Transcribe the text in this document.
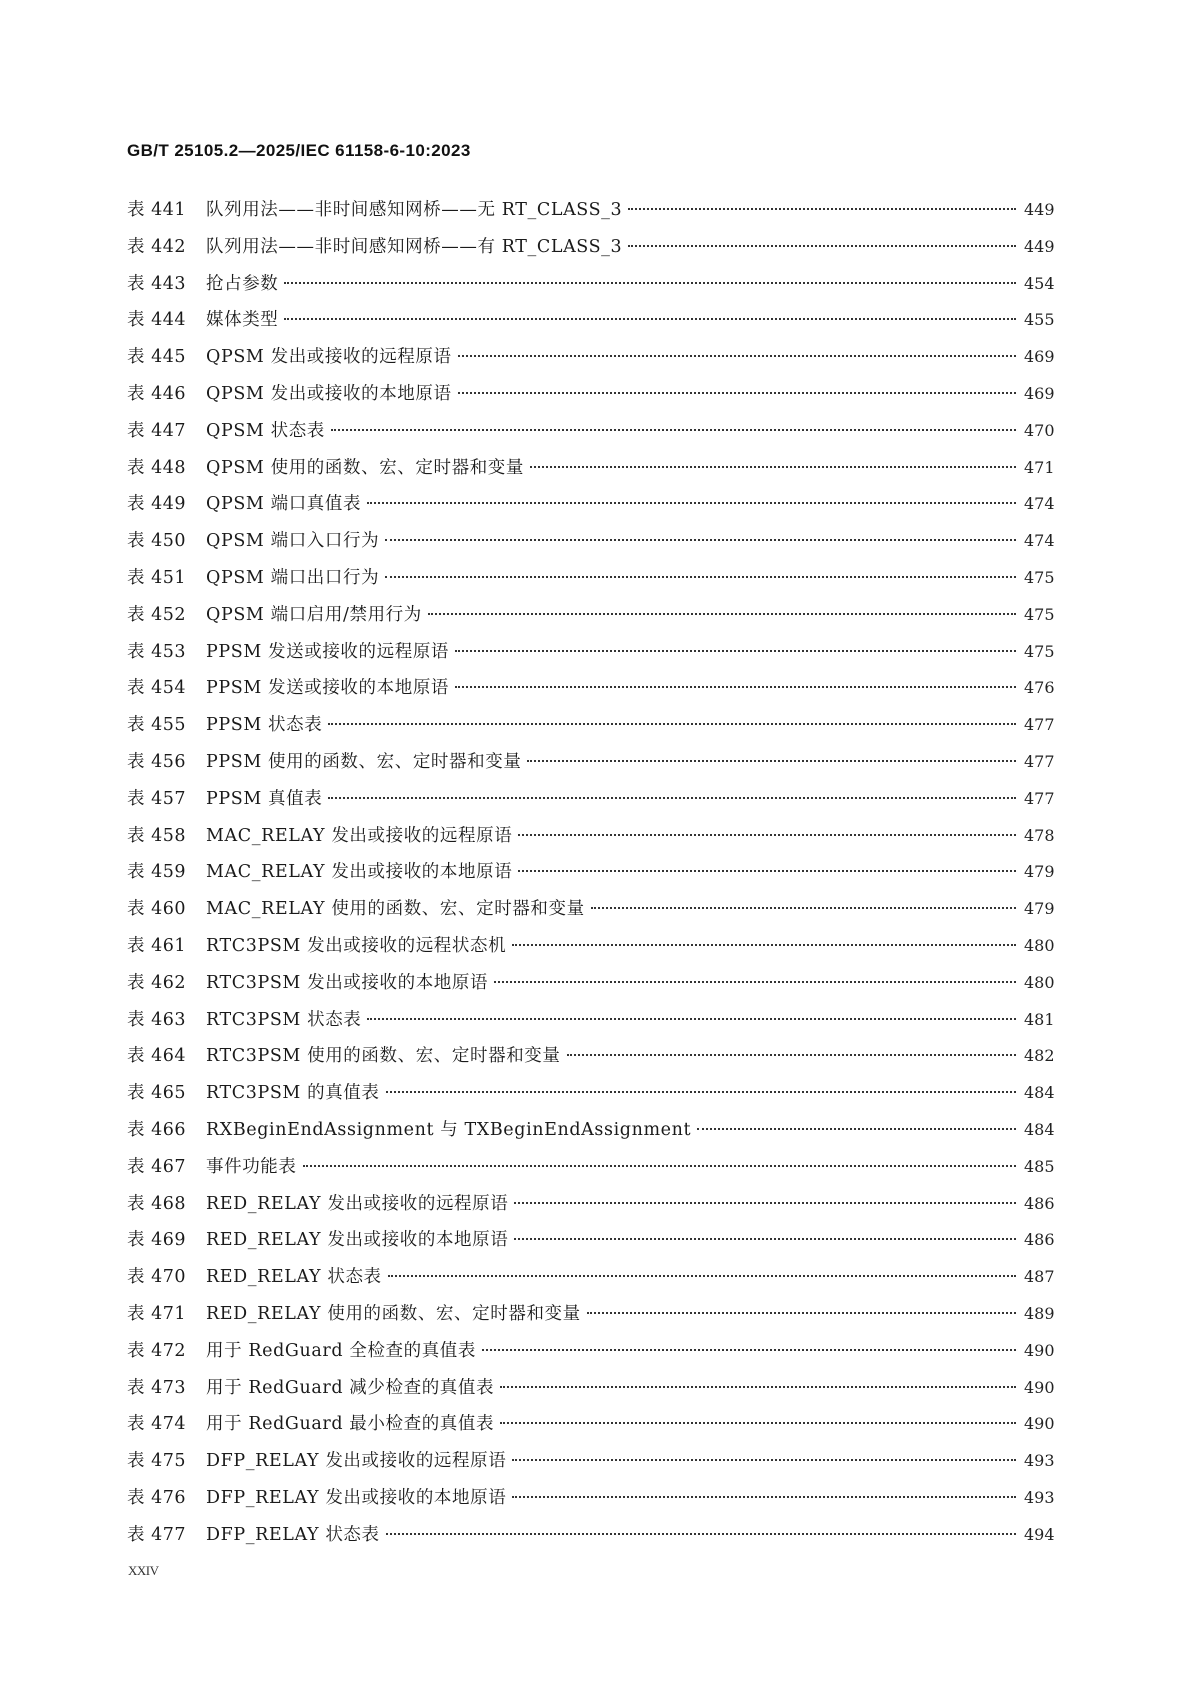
GB/T 25105.2—2025/IEC 61158-6-10:2023
表 441	队列用法——非时间感知网桥——无 RT_CLASS_3	449
表 442	队列用法——非时间感知网桥——有 RT_CLASS_3	449
表 443	抢占参数	454
表 444	媒体类型	455
表 445	QPSM 发出或接收的远程原语	469
表 446	QPSM 发出或接收的本地原语	469
表 447	QPSM 状态表	470
表 448	QPSM 使用的函数、宏、定时器和变量	471
表 449	QPSM 端口真值表	474
表 450	QPSM 端口入口行为	474
表 451	QPSM 端口出口行为	475
表 452	QPSM 端口启用/禁用行为	475
表 453	PPSM 发送或接收的远程原语	475
表 454	PPSM 发送或接收的本地原语	476
表 455	PPSM 状态表	477
表 456	PPSM 使用的函数、宏、定时器和变量	477
表 457	PPSM 真值表	477
表 458	MAC_RELAY 发出或接收的远程原语	478
表 459	MAC_RELAY 发出或接收的本地原语	479
表 460	MAC_RELAY 使用的函数、宏、定时器和变量	479
表 461	RTC3PSM 发出或接收的远程状态机	480
表 462	RTC3PSM 发出或接收的本地原语	480
表 463	RTC3PSM 状态表	481
表 464	RTC3PSM 使用的函数、宏、定时器和变量	482
表 465	RTC3PSM 的真值表	484
表 466	RXBeginEndAssignment 与 TXBeginEndAssignment	484
表 467	事件功能表	485
表 468	RED_RELAY 发出或接收的远程原语	486
表 469	RED_RELAY 发出或接收的本地原语	486
表 470	RED_RELAY 状态表	487
表 471	RED_RELAY 使用的函数、宏、定时器和变量	489
表 472	用于 RedGuard 全检查的真值表	490
表 473	用于 RedGuard 减少检查的真值表	490
表 474	用于 RedGuard 最小检查的真值表	490
表 475	DFP_RELAY 发出或接收的远程原语	493
表 476	DFP_RELAY 发出或接收的本地原语	493
表 477	DFP_RELAY 状态表	494
XXIV
